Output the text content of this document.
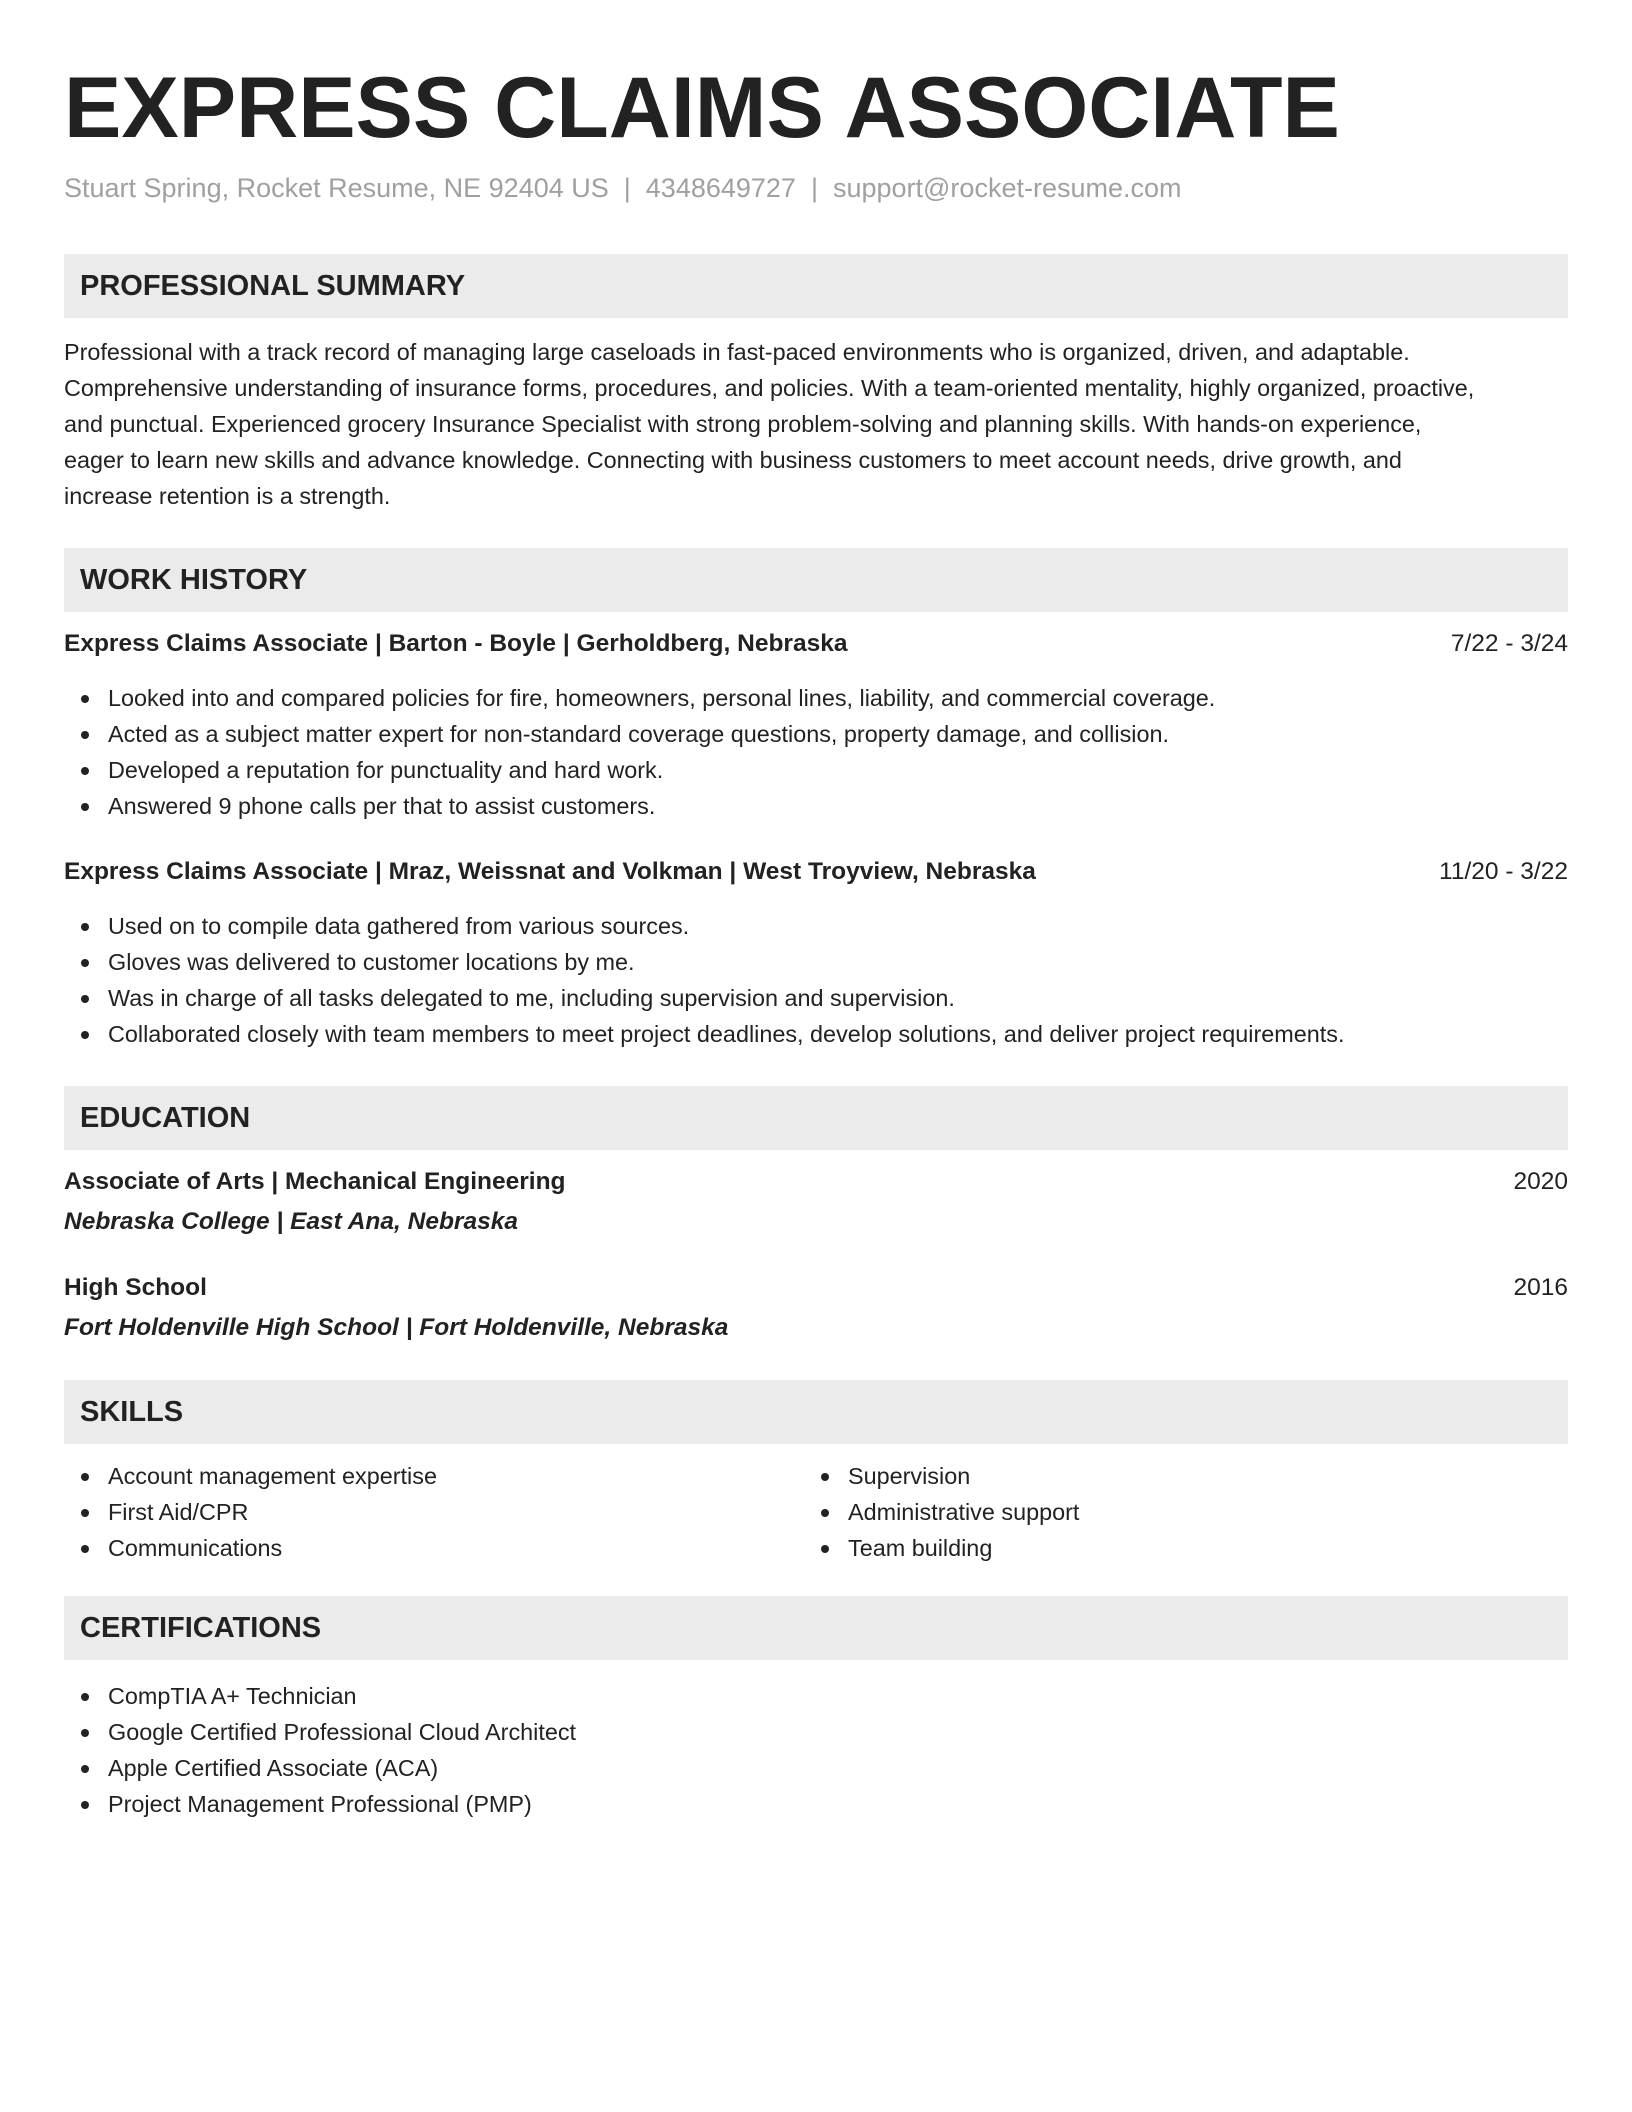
EXPRESS CLAIMS ASSOCIATE
Stuart Spring, Rocket Resume, NE 92404 US | 4348649727 | support@rocket-resume.com
PROFESSIONAL SUMMARY
Professional with a track record of managing large caseloads in fast-paced environments who is organized, driven, and adaptable.
Comprehensive understanding of insurance forms, procedures, and policies. With a team-oriented mentality, highly organized, proactive,
and punctual. Experienced grocery Insurance Specialist with strong problem-solving and planning skills. With hands-on experience,
eager to learn new skills and advance knowledge. Connecting with business customers to meet account needs, drive growth, and
increase retention is a strength.
WORK HISTORY
Express Claims Associate | Barton - Boyle | Gerholdberg, Nebraska	7/22 - 3/24
Looked into and compared policies for fire, homeowners, personal lines, liability, and commercial coverage.
Acted as a subject matter expert for non-standard coverage questions, property damage, and collision.
Developed a reputation for punctuality and hard work.
Answered 9 phone calls per that to assist customers.
Express Claims Associate | Mraz, Weissnat and Volkman | West Troyview, Nebraska	11/20 - 3/22
Used on to compile data gathered from various sources.
Gloves was delivered to customer locations by me.
Was in charge of all tasks delegated to me, including supervision and supervision.
Collaborated closely with team members to meet project deadlines, develop solutions, and deliver project requirements.
EDUCATION
Associate of Arts | Mechanical Engineering	2020
Nebraska College | East Ana, Nebraska
High School	2016
Fort Holdenville High School | Fort Holdenville, Nebraska
SKILLS
Account management expertise
First Aid/CPR
Communications
Supervision
Administrative support
Team building
CERTIFICATIONS
CompTIA A+ Technician
Google Certified Professional Cloud Architect
Apple Certified Associate (ACA)
Project Management Professional (PMP)
